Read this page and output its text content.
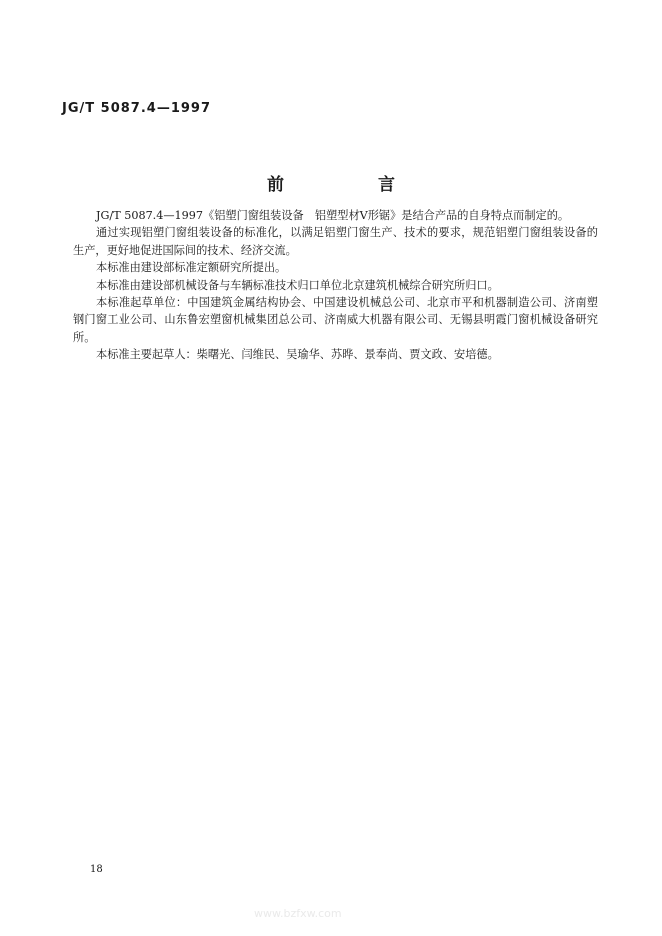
JG/T 5087.4—1997
前 言

JG/T 5087.4—1997《铝塑门窗组装设备　铝塑型材Ⅴ形锯》是结合产品的自身特点而制定的。

通过实现铝塑门窗组装设备的标准化，以满足铝塑门窗生产、技术的要求，规范铝塑门窗组装设备的生产，更好地促进国际间的技术、经济交流。

本标准由建设部标准定额研究所提出。

本标准由建设部机械设备与车辆标准技术归口单位北京建筑机械综合研究所归口。

本标准起草单位：中国建筑金属结构协会、中国建设机械总公司、北京市平和机器制造公司、济南塑钢门窗工业公司、山东鲁宏塑窗机械集团总公司、济南威大机器有限公司、无锡县明霞门窗机械设备研究所。

本标准主要起草人：柴曙光、闫维民、吴瑜华、苏晔、景奉尚、贾文政、安培德。

18
www.bzfxw.com
